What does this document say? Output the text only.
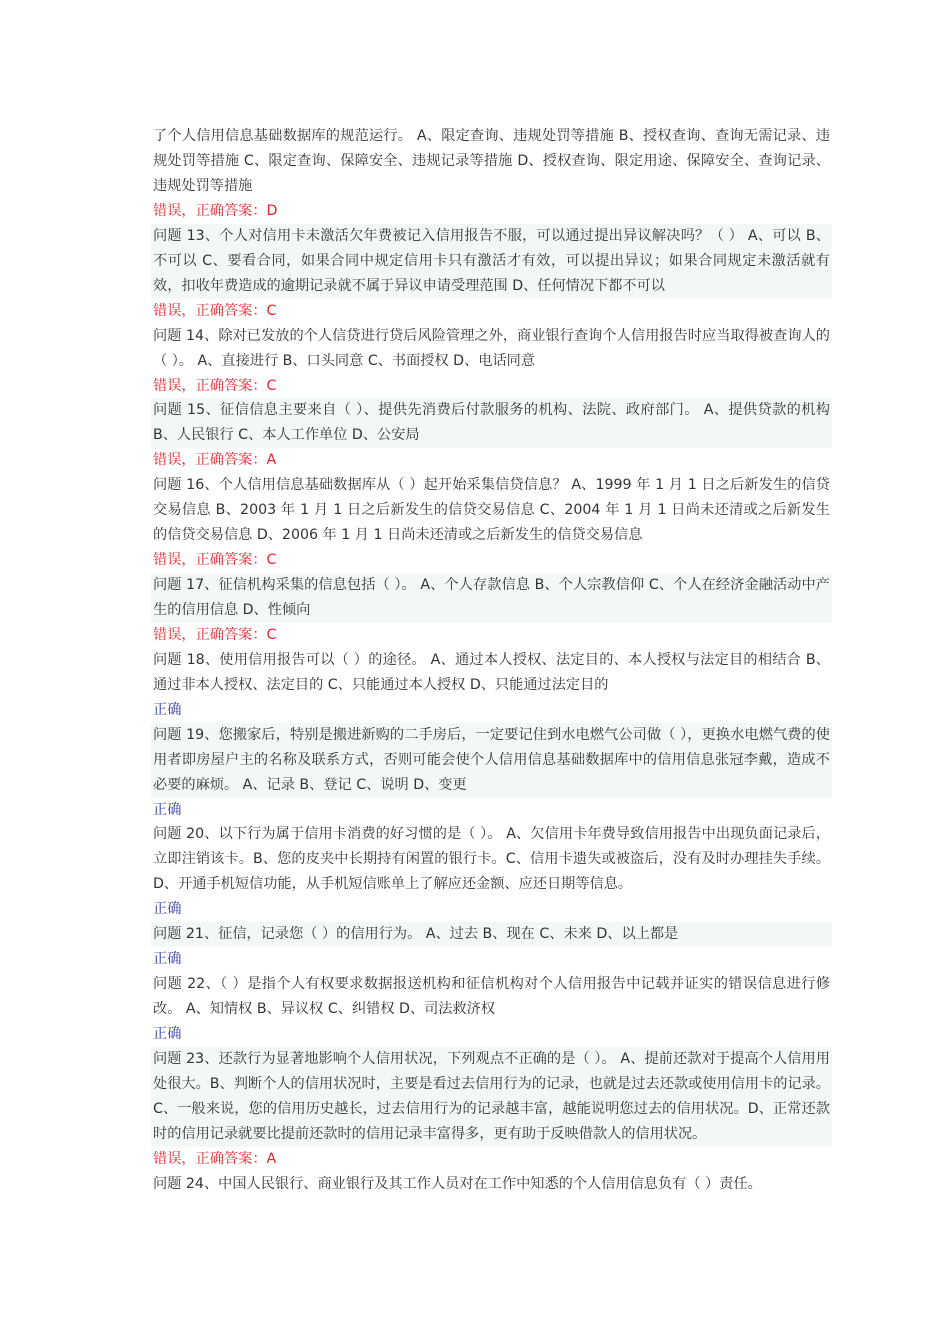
了个人信用信息基础数据库的规范运行。 A、限定查询、违规处罚等措施 B、授权查询、查询无需记录、违规处罚等措施 C、限定查询、保障安全、违规记录等措施 D、授权查询、限定用途、保障安全、查询记录、违规处罚等措施
错误，正确答案：D
问题 13、个人对信用卡未激活欠年费被记入信用报告不服，可以通过提出异议解决吗？（ ） A、可以 B、不可以 C、要看合同，如果合同中规定信用卡只有激活才有效，可以提出异议；如果合同规定未激活就有效，扣收年费造成的逾期记录就不属于异议申请受理范围 D、任何情况下都不可以
错误，正确答案：C
问题 14、除对已发放的个人信贷进行贷后风险管理之外，商业银行查询个人信用报告时应当取得被查询人的（ ）。 A、直接进行 B、口头同意 C、书面授权 D、电话同意
错误，正确答案：C
问题 15、征信信息主要来自（ ）、提供先消费后付款服务的机构、法院、政府部门。 A、提供贷款的机构 B、人民银行 C、本人工作单位 D、公安局
错误，正确答案：A
问题 16、个人信用信息基础数据库从（ ）起开始采集信贷信息？ A、1999 年 1 月 1 日之后新发生的信贷交易信息 B、2003 年 1 月 1 日之后新发生的信贷交易信息 C、2004 年 1 月 1 日尚未还清或之后新发生的信贷交易信息 D、2006 年 1 月 1 日尚未还清或之后新发生的信贷交易信息
错误，正确答案：C
问题 17、征信机构采集的信息包括（ ）。 A、个人存款信息 B、个人宗教信仰 C、个人在经济金融活动中产生的信用信息 D、性倾向
错误，正确答案：C
问题 18、使用信用报告可以（ ）的途径。 A、通过本人授权、法定目的、本人授权与法定目的相结合 B、通过非本人授权、法定目的 C、只能通过本人授权 D、只能通过法定目的
正确
问题 19、您搬家后，特别是搬进新购的二手房后，一定要记住到水电燃气公司做（ ），更换水电燃气费的使用者即房屋户主的名称及联系方式，否则可能会使个人信用信息基础数据库中的信用信息张冠李戴，造成不必要的麻烦。 A、记录 B、登记 C、说明 D、变更
正确
问题 20、以下行为属于信用卡消费的好习惯的是（ ）。 A、欠信用卡年费导致信用报告中出现负面记录后，立即注销该卡。B、您的皮夹中长期持有闲置的银行卡。C、信用卡遗失或被盗后，没有及时办理挂失手续。D、开通手机短信功能，从手机短信账单上了解应还金额、应还日期等信息。
正确
问题 21、征信，记录您（ ）的信用行为。 A、过去 B、现在 C、未来 D、以上都是
正确
问题 22、（ ）是指个人有权要求数据报送机构和征信机构对个人信用报告中记载并证实的错误信息进行修改。 A、知情权 B、异议权 C、纠错权 D、司法救济权
正确
问题 23、还款行为显著地影响个人信用状况，下列观点不正确的是（ ）。 A、提前还款对于提高个人信用用处很大。B、判断个人的信用状况时，主要是看过去信用行为的记录，也就是过去还款或使用信用卡的记录。C、一般来说，您的信用历史越长，过去信用行为的记录越丰富，越能说明您过去的信用状况。D、正常还款时的信用记录就要比提前还款时的信用记录丰富得多，更有助于反映借款人的信用状况。
错误，正确答案：A
问题 24、中国人民银行、商业银行及其工作人员对在工作中知悉的个人信用信息负有（ ）责任。
